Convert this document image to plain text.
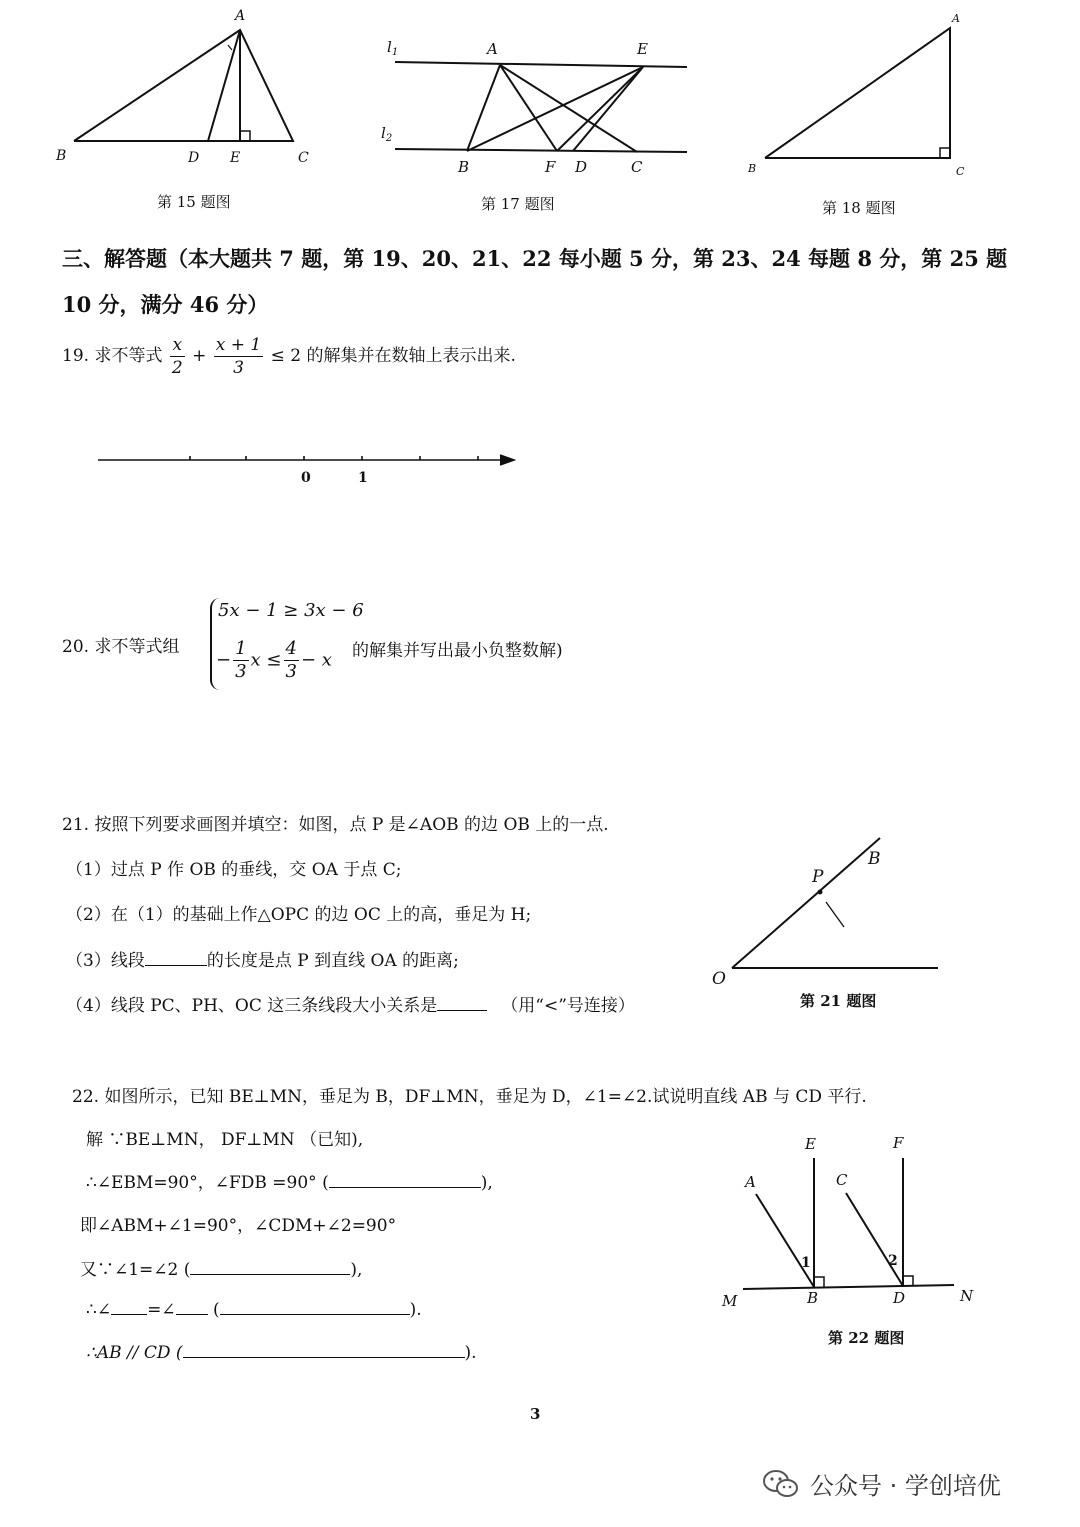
A
B	D E	C
第 15 题图
$l_1$
$l_2$
A	E
B	F D	C
第 17 题图
A
B	C
第 18 题图
三、解答题（本大题共 7 题，第 19、20、21、22 每小题 5 分，第 23、24 每题 8 分，第 25 题 10 分，满分 46 分）
19. 求不等式 $\frac{x}{2} + \frac{x + 1}{3} \le 2$ 的解集并在数轴上表示出来.
0	1
20. 求不等式组
5x − 1 ≥ 3x − 6
− $\frac{1}{3}$ $x \le \frac{4}{3} - x$ 的解集并写出最小负整数解)
21. 按照下列要求画图并填空：如图，点 P 是∠AOB 的边 OB 上的一点.
（1）过点 P 作 OB 的垂线，交 OA 于点 C;
（2）在（1）的基础上作△OPC 的边 OC 上的高，垂足为 H;
（3）线段	的长度是点 P 到直线 OA 的距离;
（4）线段 PC、PH、OC 这三条线段大小关系是	（用“<”号连接）
P
B
O
第 21 题图
22. 如图所示，已知 BE⊥MN，垂足为 B，DF⊥MN，垂足为 D，∠1=∠2.试说明直线 AB 与 CD 平行.
解 ∵BE⊥MN， DF⊥MN （已知),
∴∠EBM=90°，∠FDB =90° (	),
即∠ABM+∠1=90°，∠CDM+∠2=90°
又∵∠1=∠2 (	),
∴∠ =∠ (	).
∴AB // CD (	).
E	F
A	C
1	2
M	B	D	N
第 22 题图
3
公众号 · 学创培优
